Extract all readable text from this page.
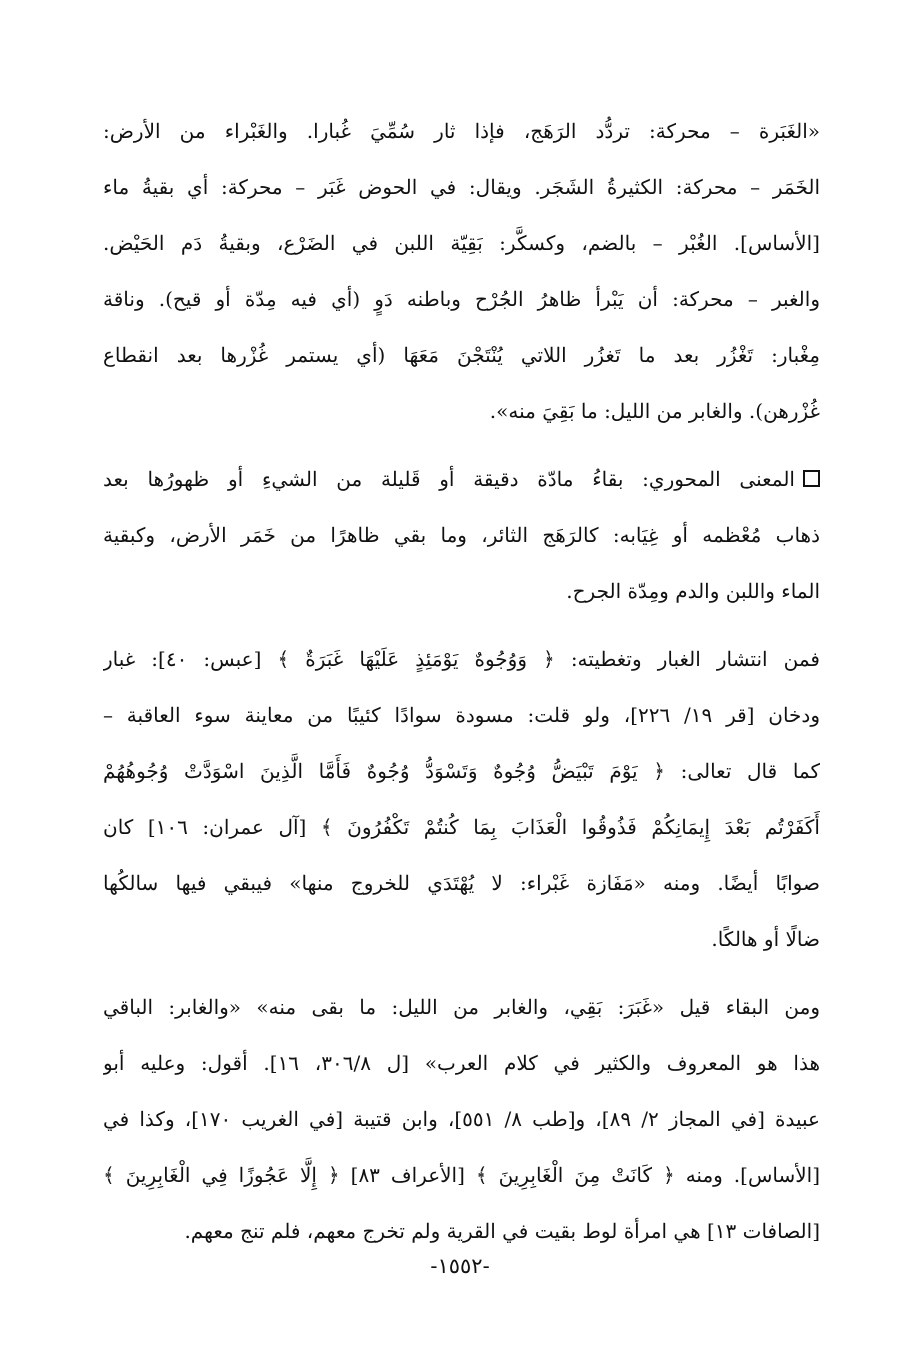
«الغَبَرة – محركة: تردُّد الرَهَج، فإذا ثار سُمِّيَ غُبارا. والغَبْراء من الأرض:
الخَمَر – محركة: الكثيرةُ الشَجَر. ويقال: في الحوض غَبَر – محركة: أي بقيةُ ماء
[الأساس]. الغُبْر – بالضم، وكسكَّر: بَقِيّة اللبن في الضَرْع، وبقيةُ دَم الحَيْض.
والغبر – محركة: أن يَبْرأ ظاهرُ الجُرْح وباطنه دَوٍ (أي فيه مِدّة أو قيح). وناقة
مِغْبار: تَغْزُر بعد ما تَغزُر اللاتي يُنْتَجْنَ مَعَهَا (أي يستمر غُزْرها بعد انقطاع
غُزْرهن). والغابر من الليل: ما بَقِيَ منه».
المعنى المحوري: بقاءُ مادّة دقيقة أو قَليلة من الشيءِ أو ظهورُها بعد
ذهاب مُعْظمه أو غِيَابه: كالرَهَج الثائر، وما بقي ظاهرًا من خَمَر الأرض، وكبقية
الماء واللبن والدم ومِدّة الجرح.
فمن انتشار الغبار وتغطيته: ﴿ وَوُجُوهٌ يَوْمَئِذٍ عَلَيْهَا غَبَرَةٌ ﴾ [عبس: ٤٠]: غبار
ودخان [قر ١٩/ ٢٢٦]، ولو قلت: مسودة سوادًا كئيبًا من معاينة سوء العاقبة –
كما قال تعالى: ﴿ يَوْمَ تَبْيَضُّ وُجُوهٌ وَتَسْوَدُّ وُجُوهٌ فَأَمَّا الَّذِينَ اسْوَدَّتْ وُجُوهُهُمْ
أَكَفَرْتُم بَعْدَ إِيمَانِكُمْ فَذُوقُوا الْعَذَابَ بِمَا كُنتُمْ تَكْفُرُونَ ﴾ [آل عمران: ١٠٦] كان
صوابًا أيضًا. ومنه «مَفَازة غَبْراء: لا يُهْتَدَي للخروج منها» فيبقي فيها سالكُها
ضالًا أو هالكًا.
ومن البقاء قيل «غَبَرَ: بَقِي، والغابر من الليل: ما بقى منه» «والغابر: الباقي
هذا هو المعروف والكثير في كلام العرب» [ل ٣٠٦/٨، ١٦]. أقول: وعليه أبو
عبيدة [في المجاز ٢/ ٨٩]، و[طب ٨/ ٥٥١]، وابن قتيبة [في الغريب ١٧٠]، وكذا في
[الأساس]. ومنه ﴿ كَانَتْ مِنَ الْغَابِرِينَ ﴾ [الأعراف ٨٣] ﴿ إِلَّا عَجُوزًا فِي الْغَابِرِينَ ﴾
[الصافات ١٣] هي امرأة لوط بقيت في القرية ولم تخرج معهم، فلم تنج معهم.
-١٥٥٢-
